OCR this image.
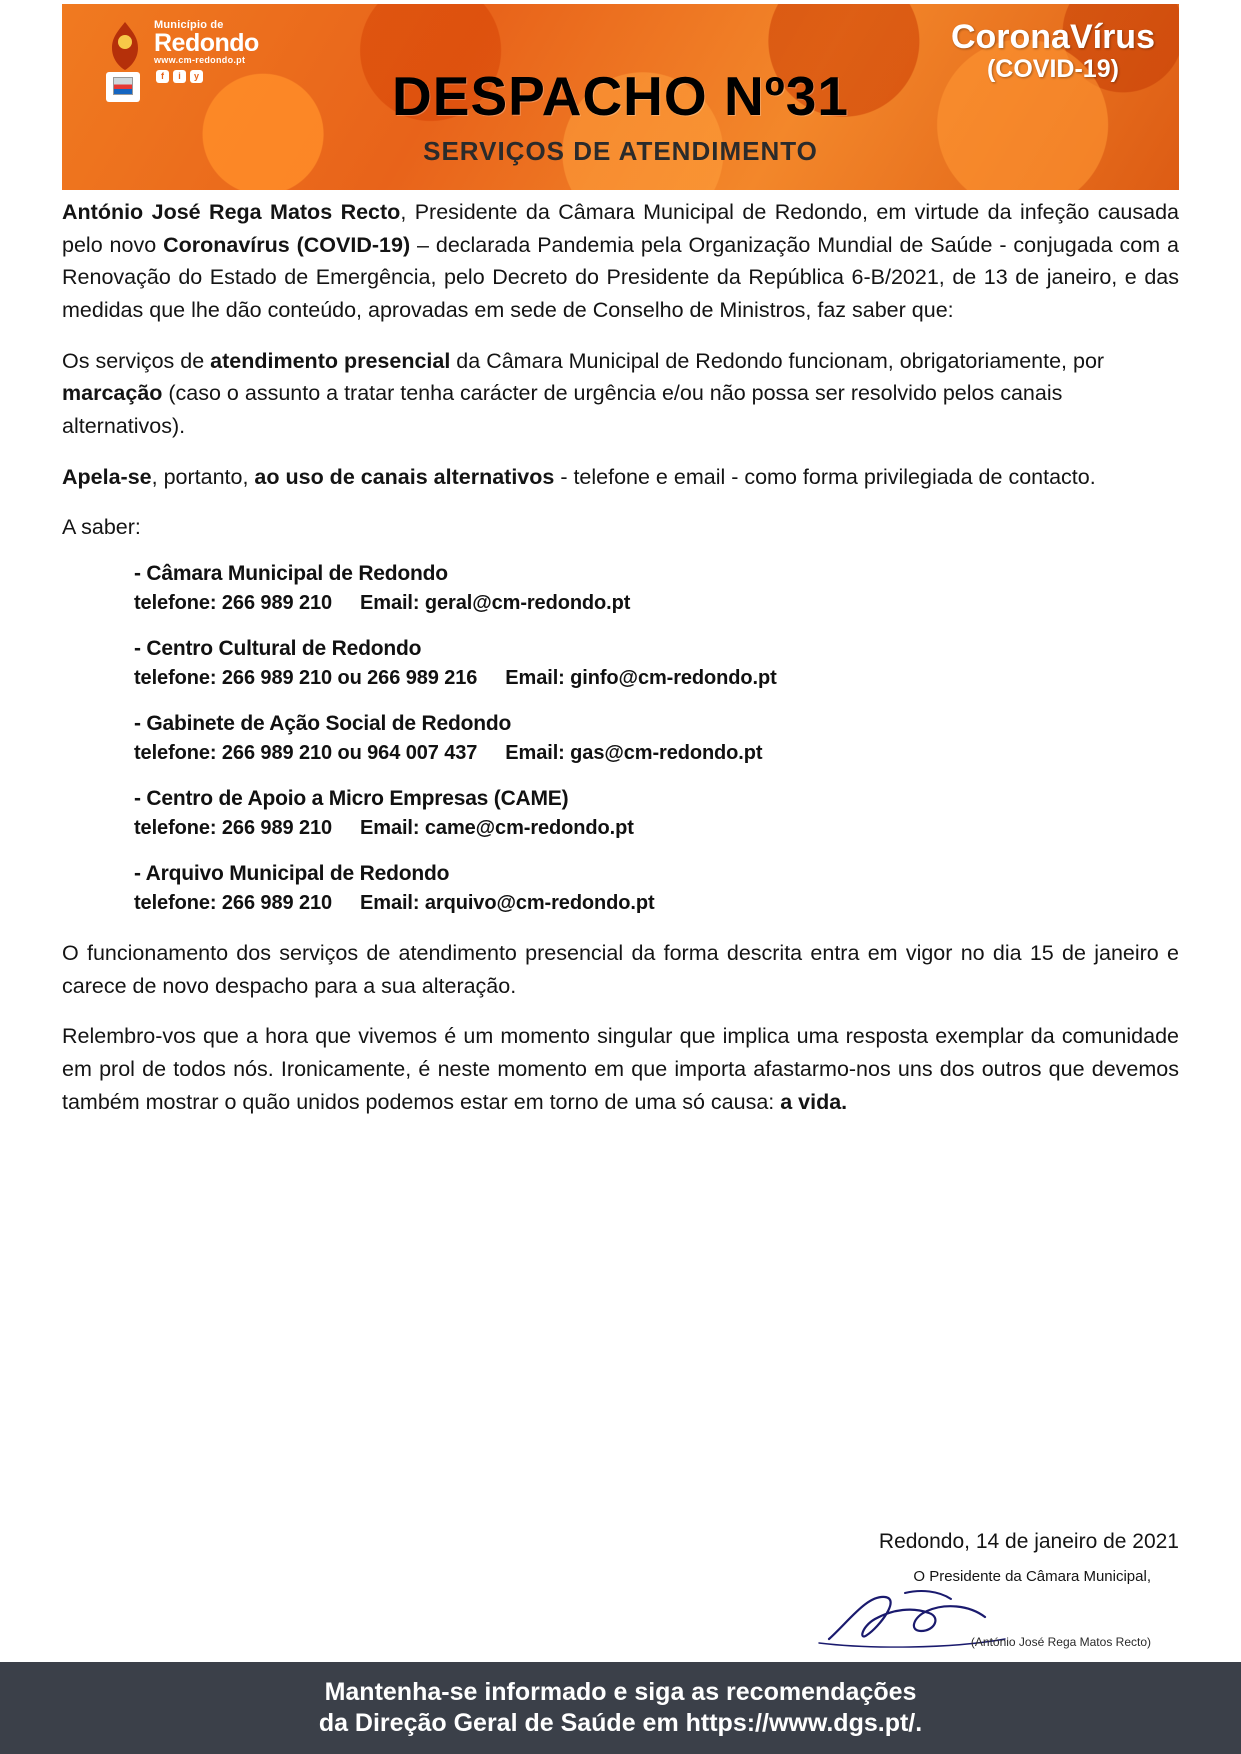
Município de
Redondo
www.cm-redondo.pt
f	i	y
CoronaVírus
(COVID-19)
DESPACHO Nº31
SERVIÇOS DE ATENDIMENTO

António José Rega Matos Recto, Presidente da Câmara Municipal de Redondo, em virtude da infeção causada pelo novo Coronavírus (COVID-19) – declarada Pandemia pela Organização Mundial de Saúde - conjugada com a Renovação do Estado de Emergência, pelo Decreto do Presidente da República 6-B/2021, de 13 de janeiro, e das medidas que lhe dão conteúdo, aprovadas em sede de Conselho de Ministros, faz saber que:

Os serviços de atendimento presencial da Câmara Municipal de Redondo funcionam, obrigatoriamente, por marcação (caso o assunto a tratar tenha carácter de urgência e/ou não possa ser resolvido pelos canais alternativos).

Apela-se, portanto, ao uso de canais alternativos - telefone e email - como forma privilegiada de contacto.

A saber:

- Câmara Municipal de Redondo
telefone: 266 989 210 Email: geral@cm-redondo.pt
- Centro Cultural de Redondo
telefone: 266 989 210 ou 266 989 216 Email: ginfo@cm-redondo.pt
- Gabinete de Ação Social de Redondo
telefone: 266 989 210 ou 964 007 437 Email: gas@cm-redondo.pt
- Centro de Apoio a Micro Empresas (CAME)
telefone: 266 989 210 Email: came@cm-redondo.pt
- Arquivo Municipal de Redondo
telefone: 266 989 210 Email: arquivo@cm-redondo.pt

O funcionamento dos serviços de atendimento presencial da forma descrita entra em vigor no dia 15 de janeiro e carece de novo despacho para a sua alteração.

Relembro-vos que a hora que vivemos é um momento singular que implica uma resposta exemplar da comunidade em prol de todos nós. Ironicamente, é neste momento em que importa afastarmo-nos uns dos outros que devemos também mostrar o quão unidos podemos estar em torno de uma só causa: a vida.

Redondo, 14 de janeiro de 2021
O Presidente da Câmara Municipal,
(António José Rega Matos Recto)
Mantenha-se informado e siga as recomendações
da Direção Geral de Saúde em https://www.dgs.pt/.
